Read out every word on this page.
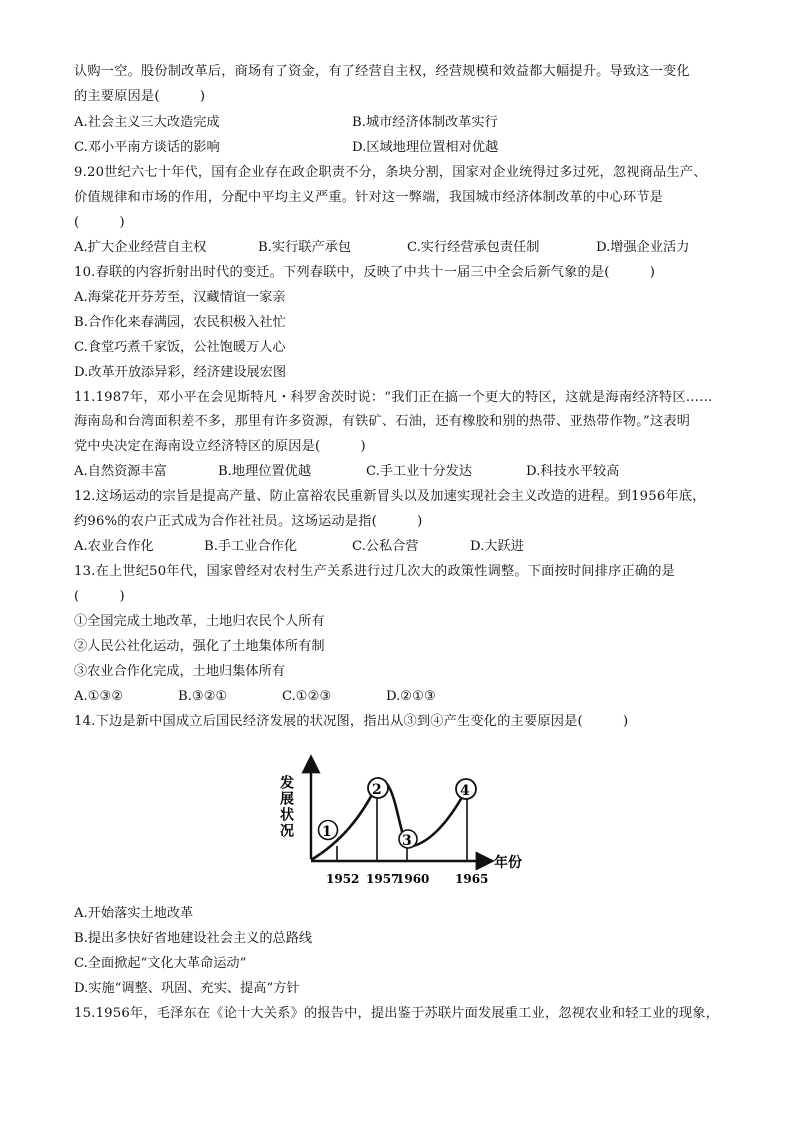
认购一空。股份制改革后，商场有了资金，有了经营自主权，经营规模和效益都大幅提升。导致这一变化
的主要原因是(　　　)
A.社会主义三大改造完成	B.城市经济体制改革实行
C.邓小平南方谈话的影响	D.区域地理位置相对优越
9.20世纪六七十年代，国有企业存在政企职责不分，条块分割，国家对企业统得过多过死，忽视商品生产、
价值规律和市场的作用，分配中平均主义严重。针对这一弊端，我国城市经济体制改革的中心环节是
(　　　)
A.扩大企业经营自主权	B.实行联产承包	C.实行经营承包责任制	D.增强企业活力
10.春联的内容折射出时代的变迁。下列春联中，反映了中共十一届三中全会后新气象的是(　　　)
A.海棠花开芬芳至，汉藏情谊一家亲
B.合作化来春满园，农民积极入社忙
C.食堂巧煮千家饭，公社饱暖万人心
D.改革开放添异彩，经济建设展宏图
11.1987年，邓小平在会见斯特凡・科罗舍茨时说：“我们正在搞一个更大的特区，这就是海南经济特区……
海南岛和台湾面积差不多，那里有许多资源，有铁矿、石油，还有橡胶和别的热带、亚热带作物。”这表明
党中央决定在海南设立经济特区的原因是(　　　)
A.自然资源丰富	B.地理位置优越	C.手工业十分发达	D.科技水平较高
12.这场运动的宗旨是提高产量、防止富裕农民重新冒头以及加速实现社会主义改造的进程。到1956年底，
约96%的农户正式成为合作社社员。这场运动是指(　　　)
A.农业合作化	B.手工业合作化	C.公私合营	D.大跃进
13.在上世纪50年代，国家曾经对农村生产关系进行过几次大的政策性调整。下面按时间排序正确的是
(　　　)
①全国完成土地改革，土地归农民个人所有
②人民公社化运动，强化了土地集体所有制
③农业合作化完成，土地归集体所有
A.①③②	B.③②①	C.①②③	D.②①③
14.下边是新中国成立后国民经济发展的状况图，指出从③到④产生变化的主要原因是(　　　)
发展状况
年份
1
2
3
4
1952 1957
1960 1965
A.开始落实土地改革
B.提出多快好省地建设社会主义的总路线
C.全面掀起“文化大革命运动”
D.实施“调整、巩固、充实、提高”方针
15.1956年，毛泽东在《论十大关系》的报告中，提出鉴于苏联片面发展重工业，忽视农业和轻工业的现象，
